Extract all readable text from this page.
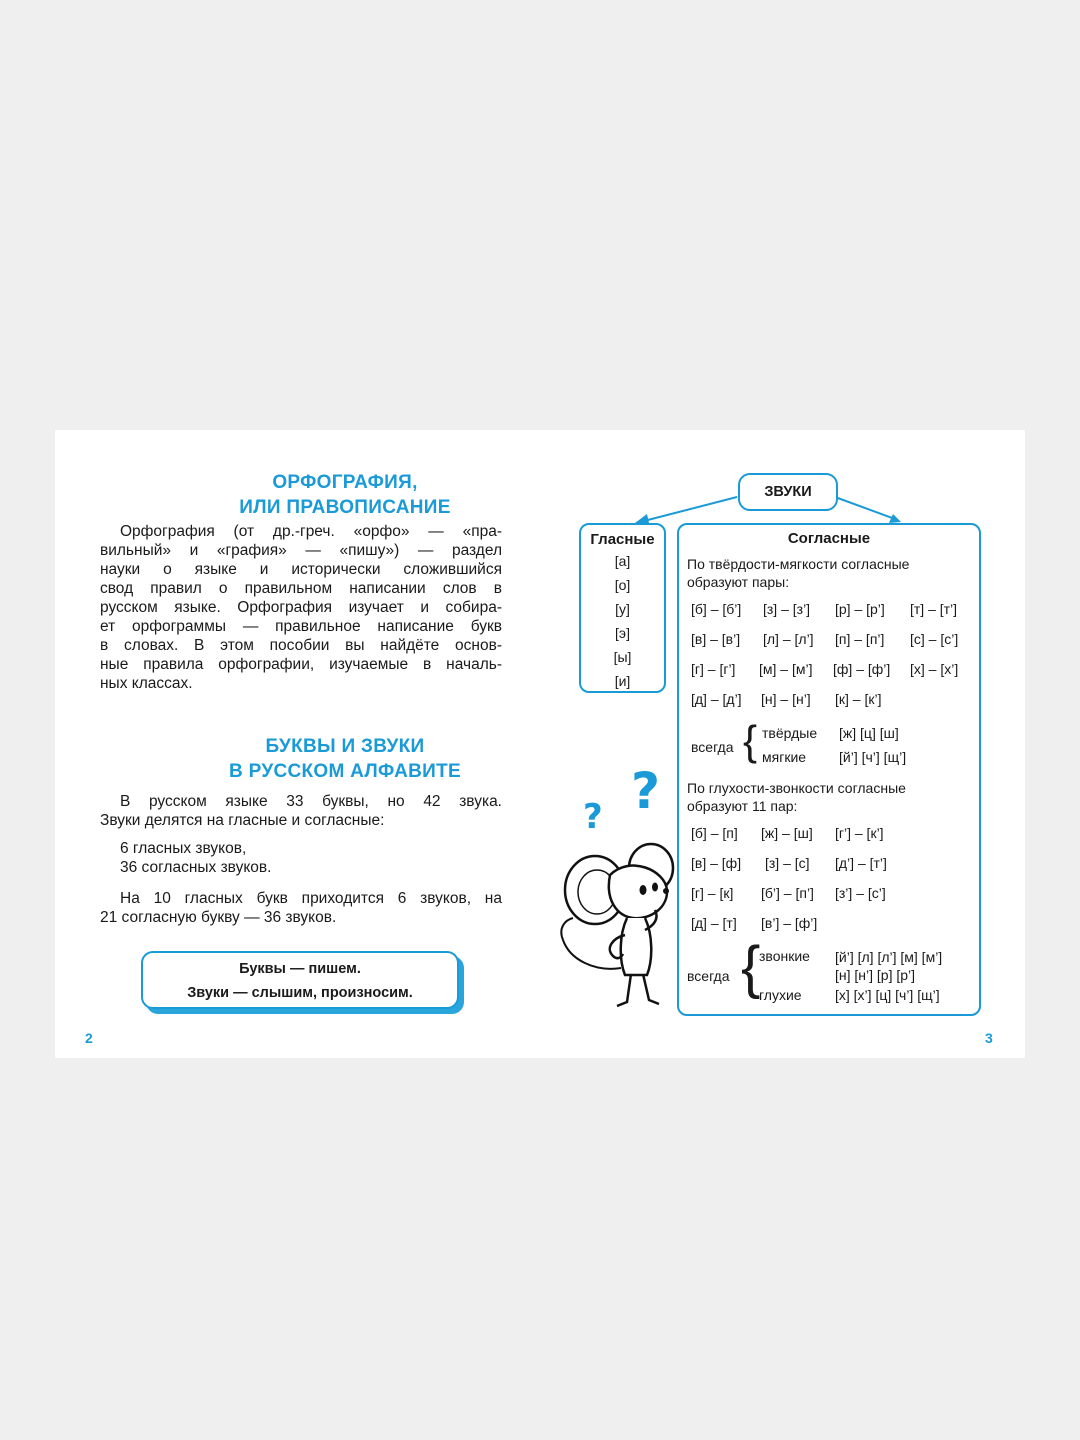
ОРФОГРАФИЯ,
ИЛИ ПРАВОПИСАНИЕ
Орфография (от др.-греч. «орфо» — «пра-
вильный» и «графия» — «пишу») — раздел
науки о языке и исторически сложившийся
свод правил о правильном написании слов в
русском языке. Орфография изучает и собира-
ет орфограммы — правильное написание букв
в словах. В этом пособии вы найдёте основ-
ные правила орфографии, изучаемые в началь-
ных классах.
БУКВЫ И ЗВУКИ
В РУССКОМ АЛФАВИТЕ
В русском языке 33 буквы, но 42 звука.
Звуки делятся на гласные и согласные:
6 гласных звуков,
36 согласных звуков.
На 10 гласных букв приходится 6 звуков, на
21 согласную букву — 36 звуков.
Буквы — пишем.
Звуки — слышим, произносим.
2
ЗВУКИ
Гласные
[а]
[о]
[у]
[э]
[ы]
[и]
Согласные
По твёрдости-мягкости согласные
образуют пары:
[б] – [б’] [з] – [з’] [р] – [р’] [т] – [т’]
[в] – [в’] [л] – [л’] [п] – [п’] [с] – [с’]
[г] – [г’] [м] – [м’] [ф] – [ф’] [х] – [х’]
[д] – [д’] [н] – [н’] [к] – [к’]
всегда { твёрдые [ж] [ц] [ш]
мягкие [й’] [ч’] [щ’]
По глухости-звонкости согласные
образуют 11 пар:
[б] – [п] [ж] – [ш] [г’] – [к’]
[в] – [ф] [з] – [с] [д’] – [т’]
[г] – [к] [б’] – [п’] [з’] – [с’]
[д] – [т] [в’] – [ф’]
всегда {
звонкие [й’] [л] [л’] [м] [м’]
[н] [н’] [р] [р’]
глухие [х] [х’] [ц] [ч’] [щ’]
? ?
3
